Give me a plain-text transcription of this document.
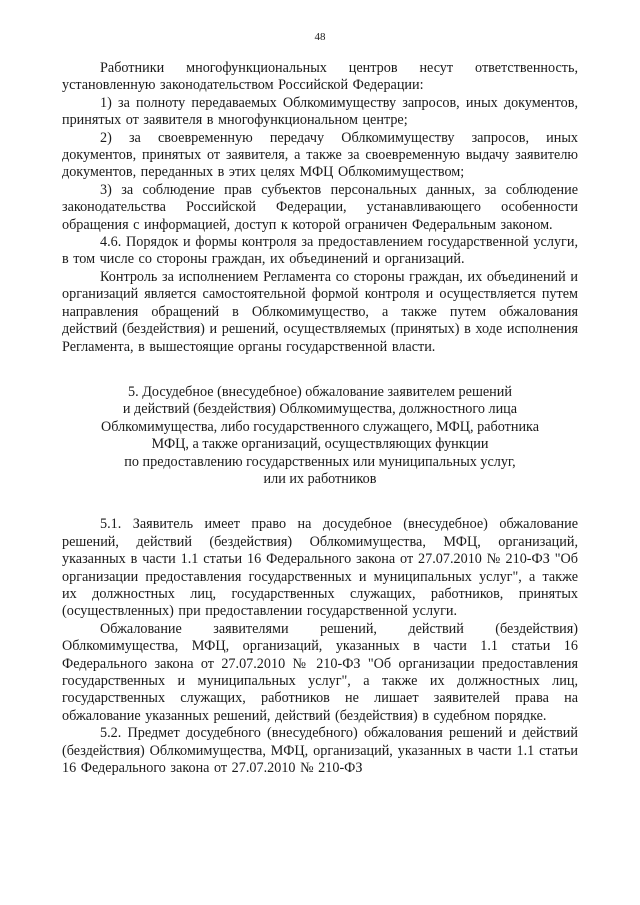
48

Работники многофункциональных центров несут ответственность, установленную законодательством Российской Федерации:

1) за полноту передаваемых Облкомимуществу запросов, иных документов, принятых от заявителя в многофункциональном центре;

2) за своевременную передачу Облкомимуществу запросов, иных документов, принятых от заявителя, а также за своевременную выдачу заявителю документов, переданных в этих целях МФЦ Облкомимуществом;

3) за соблюдение прав субъектов персональных данных, за соблюдение законодательства Российской Федерации, устанавливающего особенности обращения с информацией, доступ к которой ограничен Федеральным законом.

4.6. Порядок и формы контроля за предоставлением государственной услуги, в том числе со стороны граждан, их объединений и организаций.

Контроль за исполнением Регламента со стороны граждан, их объединений и организаций является самостоятельной формой контроля и осуществляется путем направления обращений в Облкомимущество, а также путем обжалования действий (бездействия) и решений, осуществляемых (принятых) в ходе исполнения Регламента, в вышестоящие органы государственной власти.

5. Досудебное (внесудебное) обжалование заявителем решений
и действий (бездействия) Облкомимущества, должностного лица
Облкомимущества, либо государственного служащего, МФЦ, работника
МФЦ, а также организаций, осуществляющих функции
по предоставлению государственных или муниципальных услуг,
или их работников

5.1. Заявитель имеет право на досудебное (внесудебное) обжалование решений, действий (бездействия) Облкомимущества, МФЦ, организаций, указанных в части 1.1 статьи 16 Федерального закона от 27.07.2010 № 210-ФЗ "Об организации предоставления государственных и муниципальных услуг", а также их должностных лиц, государственных служащих, работников, принятых (осуществленных) при предоставлении государственной услуги.

Обжалование заявителями решений, действий (бездействия) Облкомимущества, МФЦ, организаций, указанных в части 1.1 статьи 16 Федерального закона от 27.07.2010 № 210-ФЗ "Об организации предоставления государственных и муниципальных услуг", а также их должностных лиц, государственных служащих, работников не лишает заявителей права на обжалование указанных решений, действий (бездействия) в судебном порядке.

5.2. Предмет досудебного (внесудебного) обжалования решений и действий (бездействия) Облкомимущества, МФЦ, организаций, указанных в части 1.1 статьи 16 Федерального закона от 27.07.2010 № 210-ФЗ
